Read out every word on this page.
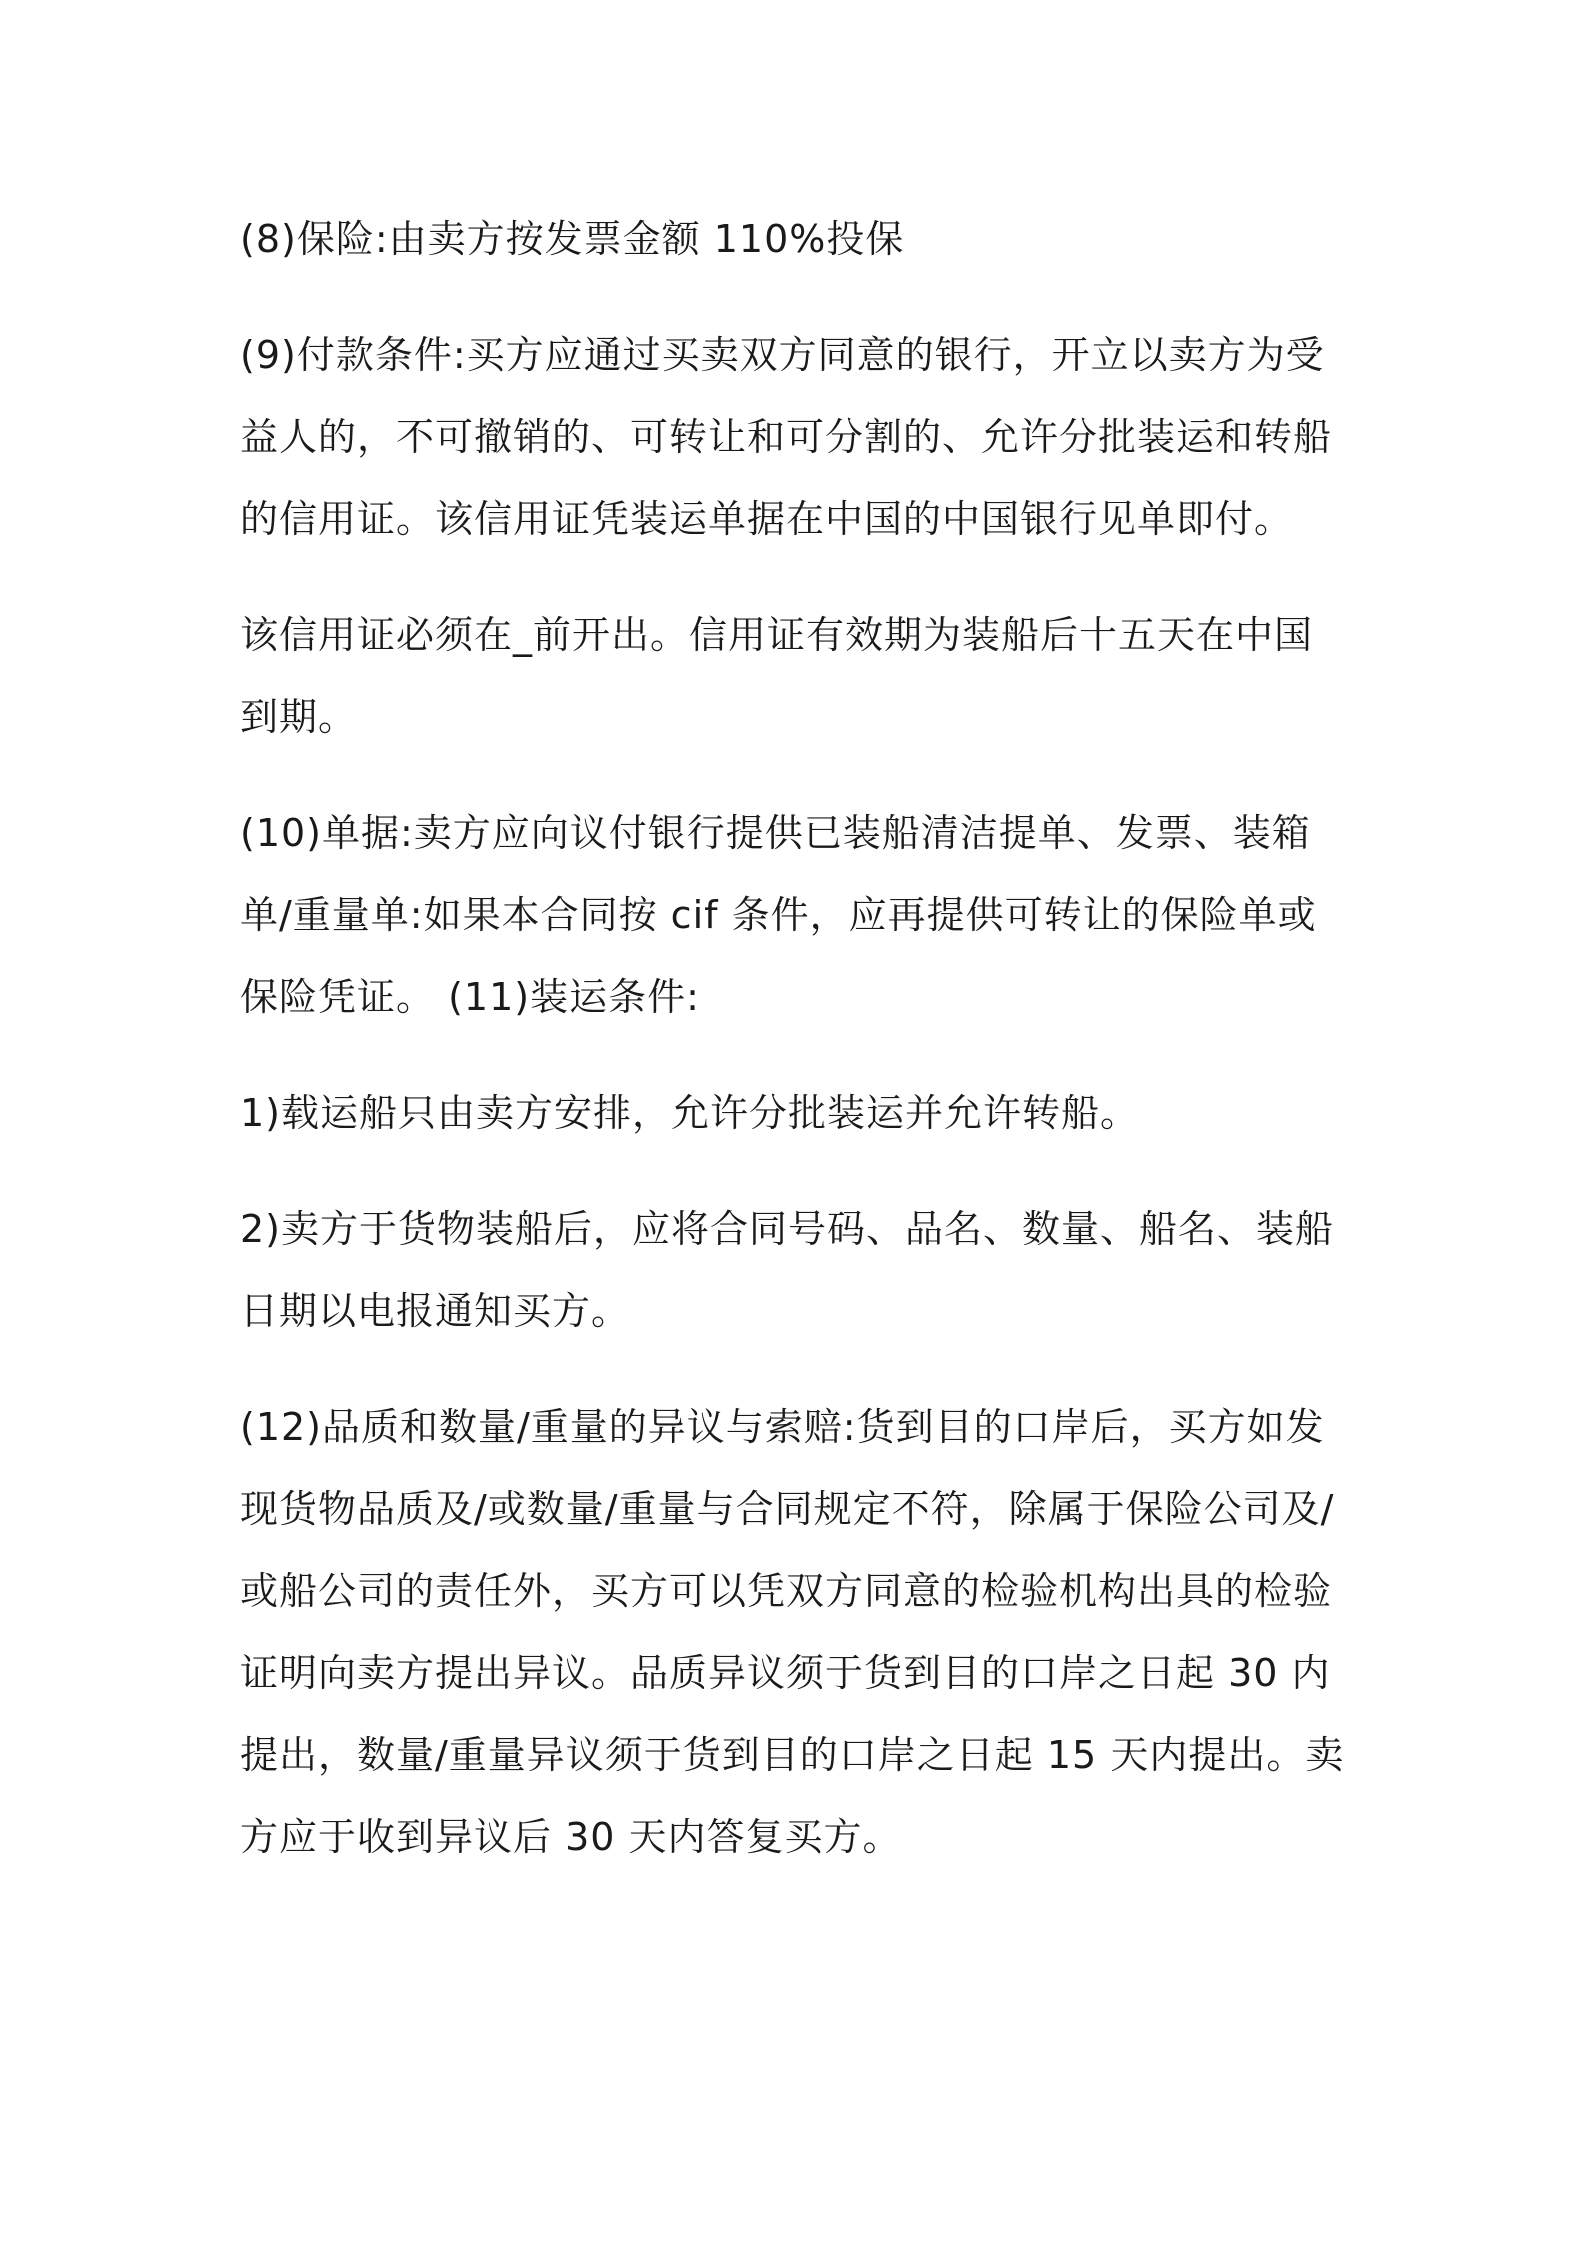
(8)保险:由卖方按发票金额 110%投保

(9)付款条件:买方应通过买卖双方同意的银行，开立以卖方为受益人的，不可撤销的、可转让和可分割的、允许分批装运和转船的信用证。该信用证凭装运单据在中国的中国银行见单即付。

该信用证必须在_前开出。信用证有效期为装船后十五天在中国到期。

(10)单据:卖方应向议付银行提供已装船清洁提单、发票、装箱单/重量单:如果本合同按 cif 条件，应再提供可转让的保险单或保险凭证。 (11)装运条件:

1)载运船只由卖方安排，允许分批装运并允许转船。

2)卖方于货物装船后，应将合同号码、品名、数量、船名、装船日期以电报通知买方。

(12)品质和数量/重量的异议与索赔:货到目的口岸后，买方如发现货物品质及/或数量/重量与合同规定不符，除属于保险公司及/或船公司的责任外，买方可以凭双方同意的检验机构出具的检验证明向卖方提出异议。品质异议须于货到目的口岸之日起 30 内提出，数量/重量异议须于货到目的口岸之日起 15 天内提出。卖方应于收到异议后 30 天内答复买方。
